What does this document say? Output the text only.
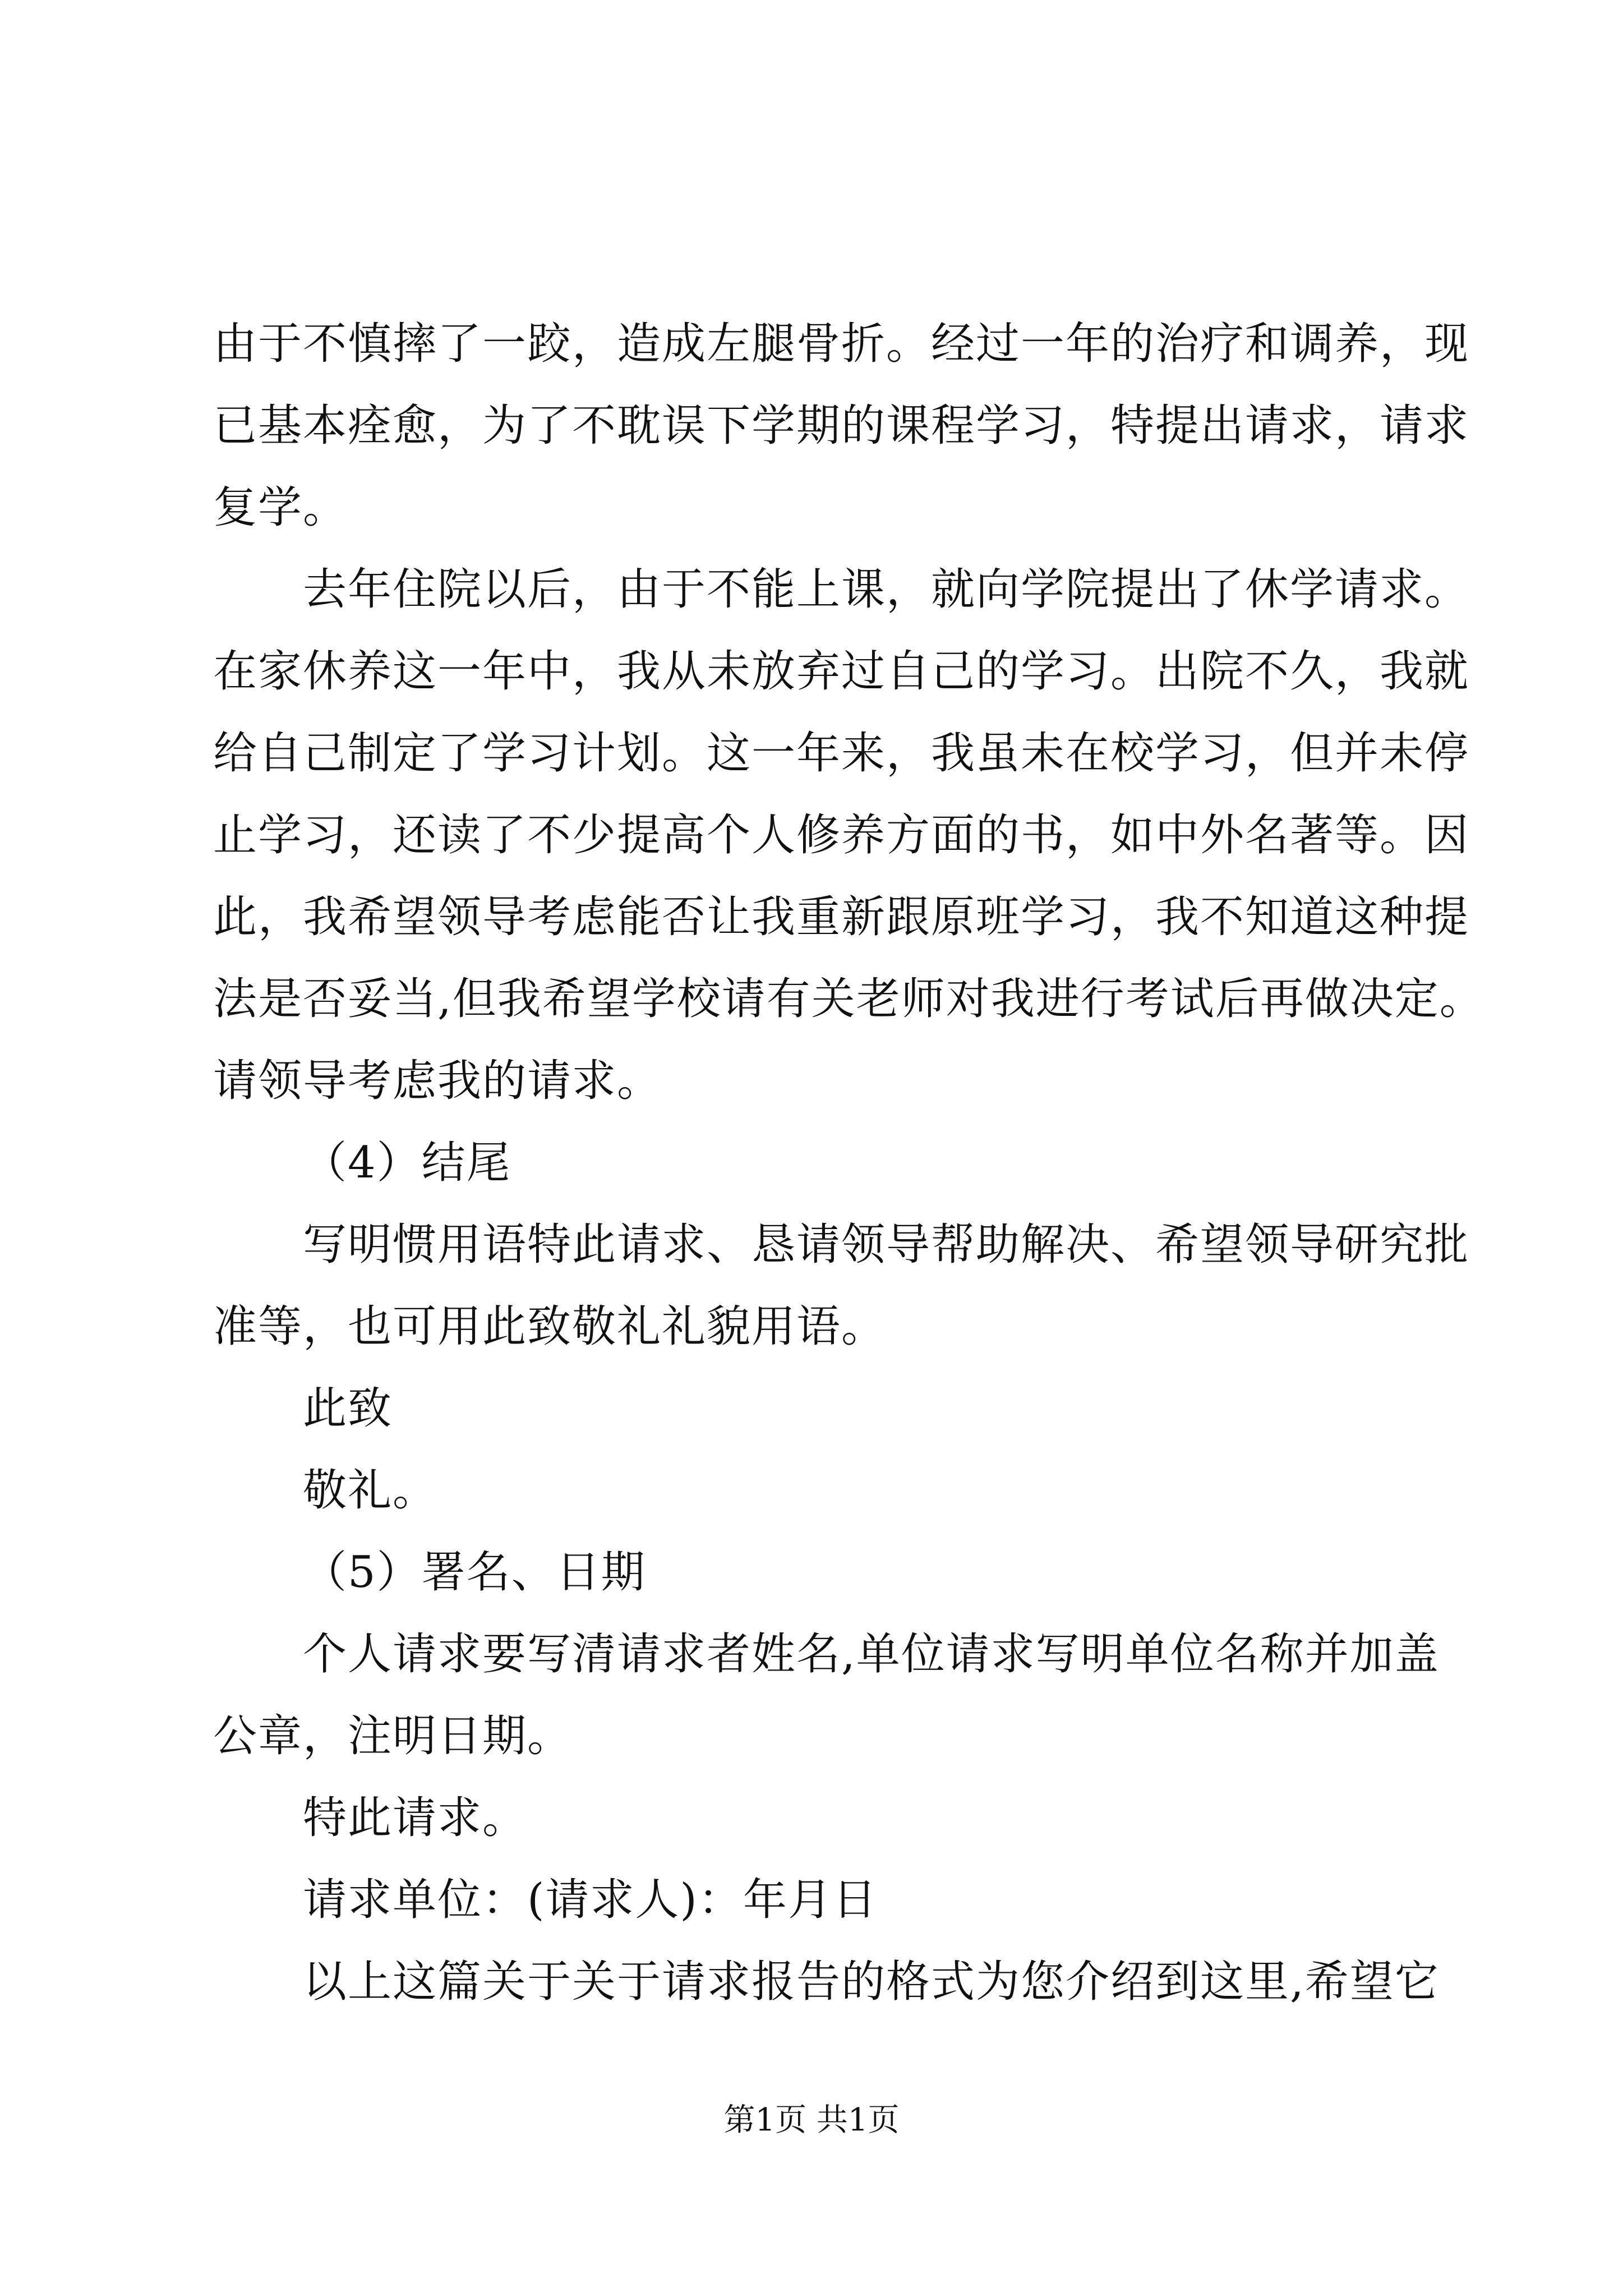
由于不慎摔了一跤，造成左腿骨折。经过一年的治疗和调养，现
已基本痊愈，为了不耽误下学期的课程学习，特提出请求，请求
复学。
去年住院以后，由于不能上课，就向学院提出了休学请求。
在家休养这一年中，我从未放弃过自己的学习。出院不久，我就
给自己制定了学习计划。这一年来，我虽未在校学习，但并未停
止学习，还读了不少提高个人修养方面的书，如中外名著等。因
此，我希望领导考虑能否让我重新跟原班学习，我不知道这种提
法是否妥当,但我希望学校请有关老师对我进行考试后再做决定。
请领导考虑我的请求。
（4）结尾
写明惯用语特此请求、恳请领导帮助解决、希望领导研究批
准等，也可用此致敬礼礼貌用语。
此致
敬礼。
（5）署名、日期
个人请求要写清请求者姓名,单位请求写明单位名称并加盖
公章，注明日期。
特此请求。
请求单位：(请求人)：年月日
以上这篇关于关于请求报告的格式为您介绍到这里,希望它
第1页 共1页
